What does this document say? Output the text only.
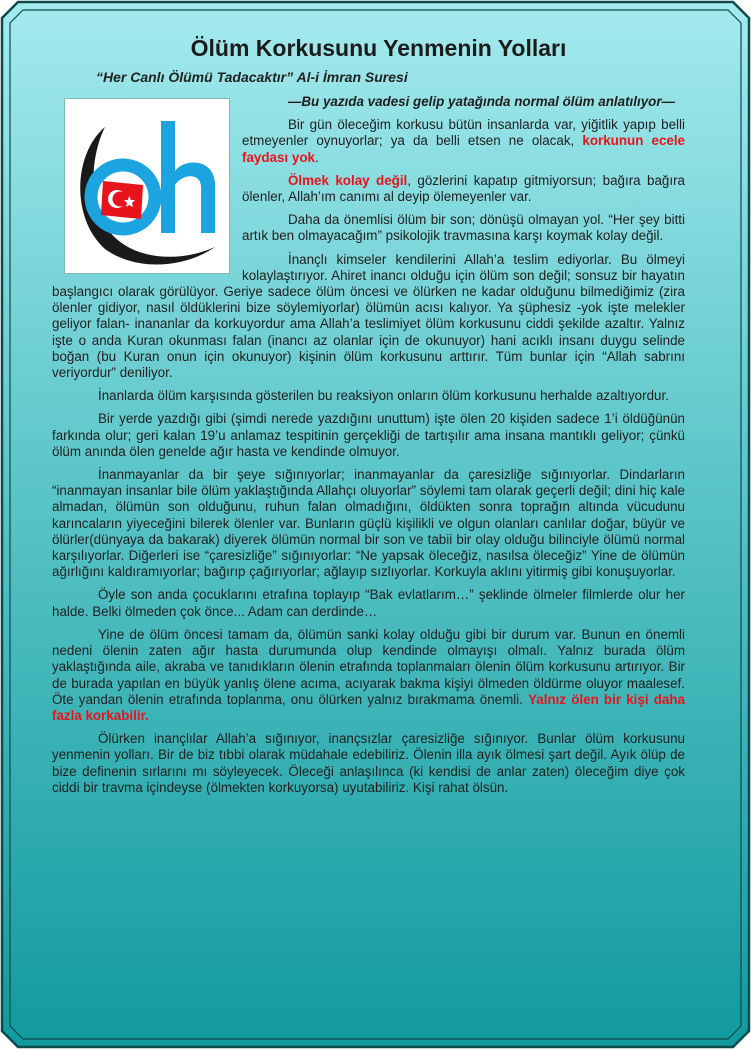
Ölüm Korkusunu Yenmenin Yolları
“Her Canlı Ölümü Tadacaktır” Al-i İmran Suresi

—Bu yazıda vadesi gelip yatağında normal ölüm anlatılıyor—

Bir gün öleceğim korkusu bütün insanlarda var, yiğitlik yapıp belli etmeyenler oynuyorlar; ya da belli etsen ne olacak, korkunun ecele faydası yok.

Ölmek kolay değil, gözlerini kapatıp gitmiyorsun; bağıra bağıra ölenler, Allah’ım canımı al deyip ölemeyenler var.

Daha da önemlisi ölüm bir son; dönüşü olmayan yol. “Her şey bitti artık ben olmayacağım” psikolojik travmasına karşı koymak kolay değil.

İnançlı kimseler kendilerini Allah’a teslim ediyorlar. Bu ölmeyi kolaylaştırıyor. Ahiret inancı olduğu için ölüm son değil; sonsuz bir hayatın başlangıcı olarak görülüyor. Geriye sadece ölüm öncesi ve ölürken ne kadar olduğunu bilmediğimiz (zira ölenler gidiyor, nasıl öldüklerini bize söylemiyorlar) ölümün acısı kalıyor. Ya şüphesiz -yok işte melekler geliyor falan- inananlar da korkuyordur ama Allah’a teslimiyet ölüm korkusunu ciddi şekilde azaltır. Yalnız işte o anda Kuran okunması falan (inancı az olanlar için de okunuyor) hani acıklı insanı duygu selinde boğan (bu Kuran onun için okunuyor) kişinin ölüm korkusunu arttırır. Tüm bunlar için “Allah sabrını veriyordur” deniliyor.

İnanlarda ölüm karşısında gösterilen bu reaksiyon onların ölüm korkusunu herhalde azaltıyordur.

Bir yerde yazdığı gibi (şimdi nerede yazdığını unuttum) işte ölen 20 kişiden sadece 1’i öldüğünün farkında olur; geri kalan 19’u anlamaz tespitinin gerçekliği de tartışılır ama insana mantıklı geliyor; çünkü ölüm anında ölen genelde ağır hasta ve kendinde olmuyor.

İnanmayanlar da bir şeye sığınıyorlar; inanmayanlar da çaresizliğe sığınıyorlar. Dindarların “inanmayan insanlar bile ölüm yaklaştığında Allahçı oluyorlar” söylemi tam olarak geçerli değil; dini hiç kale almadan, ölümün son olduğunu, ruhun falan olmadığını, öldükten sonra toprağın altında vücudunu karıncaların yiyeceğini bilerek ölenler var. Bunların güçlü kişilikli ve olgun olanları canlılar doğar, büyür ve ölürler(dünyaya da bakarak) diyerek ölümün normal bir son ve tabii bir olay olduğu bilinciyle ölümü normal karşılıyorlar. Diğerleri ise “çaresizliğe” sığınıyorlar: “Ne yapsak öleceğiz, nasılsa öleceğiz” Yine de ölümün ağırlığını kaldıramıyorlar; bağırıp çağırıyorlar; ağlayıp sızlıyorlar. Korkuyla aklını yitirmiş gibi konuşuyorlar.

Öyle son anda çocuklarını etrafına toplayıp “Bak evlatlarım…” şeklinde ölmeler filmlerde olur her halde. Belki ölmeden çok önce... Adam can derdinde…

Yine de ölüm öncesi tamam da, ölümün sanki kolay olduğu gibi bir durum var. Bunun en önemli nedeni ölenin zaten ağır hasta durumunda olup kendinde olmayışı olmalı. Yalnız burada ölüm yaklaştığında aile, akraba ve tanıdıkların ölenin etrafında toplanmaları ölenin ölüm korkusunu artırıyor. Bir de burada yapılan en büyük yanlış ölene acıma, acıyarak bakma kişiyi ölmeden öldürme oluyor maalesef. Öte yandan ölenin etrafında toplanma, onu ölürken yalnız bırakmama önemli. Yalnız ölen bir kişi daha fazla korkabilir.

Ölürken inançlılar Allah’a sığınıyor, inançsızlar çaresizliğe sığınıyor. Bunlar ölüm korkusunu yenmenin yolları. Bir de biz tıbbi olarak müdahale edebiliriz. Ölenin illa ayık ölmesi şart değil. Ayık ölüp de bize definenin sırlarını mı söyleyecek. Öleceği anlaşılınca (ki kendisi de anlar zaten) öleceğim diye çok ciddi bir travma içindeyse (ölmekten korkuyorsa) uyutabiliriz. Kişi rahat ölsün.
